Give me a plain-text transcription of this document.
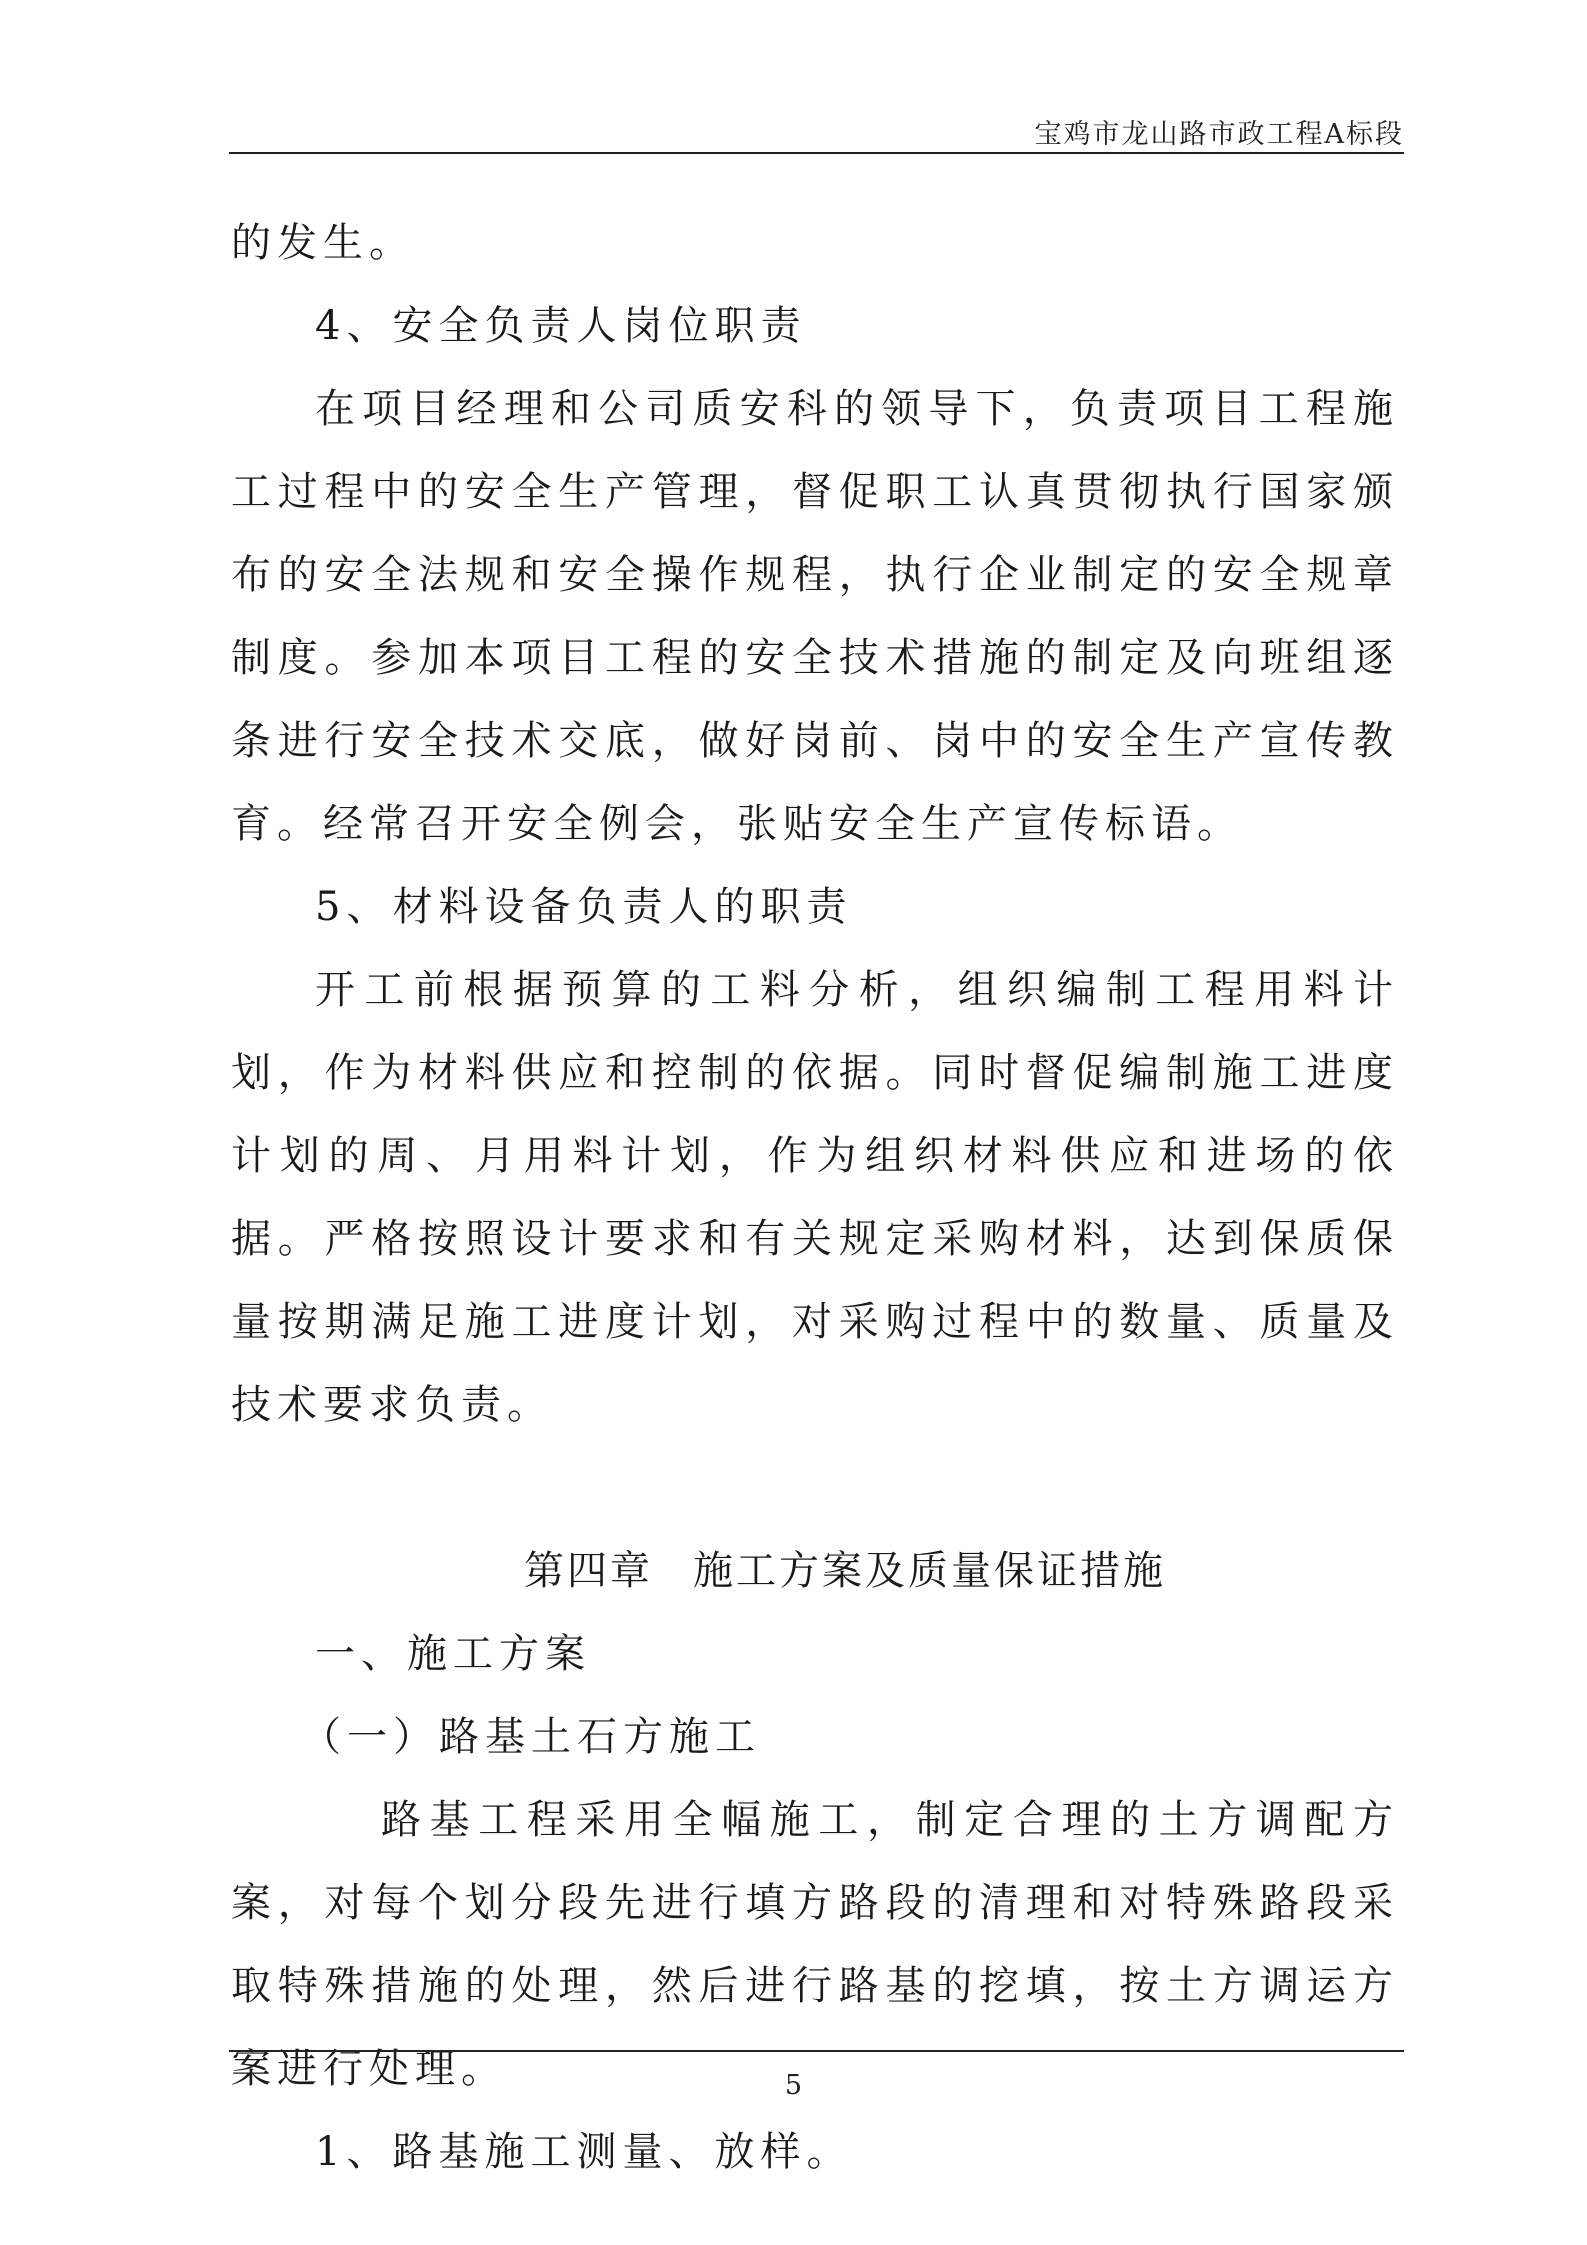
宝鸡市龙山路市政工程A标段

的发生。

4、安全负责人岗位职责

在项目经理和公司质安科的领导下，负责项目工程施工过程中的安全生产管理，督促职工认真贯彻执行国家颁布的安全法规和安全操作规程，执行企业制定的安全规章制度。参加本项目工程的安全技术措施的制定及向班组逐条进行安全技术交底，做好岗前、岗中的安全生产宣传教育。经常召开安全例会，张贴安全生产宣传标语。

5、材料设备负责人的职责

开工前根据预算的工料分析，组织编制工程用料计划，作为材料供应和控制的依据。同时督促编制施工进度计划的周、月用料计划，作为组织材料供应和进场的依据。严格按照设计要求和有关规定采购材料，达到保质保量按期满足施工进度计划，对采购过程中的数量、质量及技术要求负责。

第四章 施工方案及质量保证措施

一、施工方案

（一）路基土石方施工

路基工程采用全幅施工，制定合理的土方调配方案，对每个划分段先进行填方路段的清理和对特殊路段采取特殊措施的处理，然后进行路基的挖填，按土方调运方案进行处理。

1、路基施工测量、放样。

5
